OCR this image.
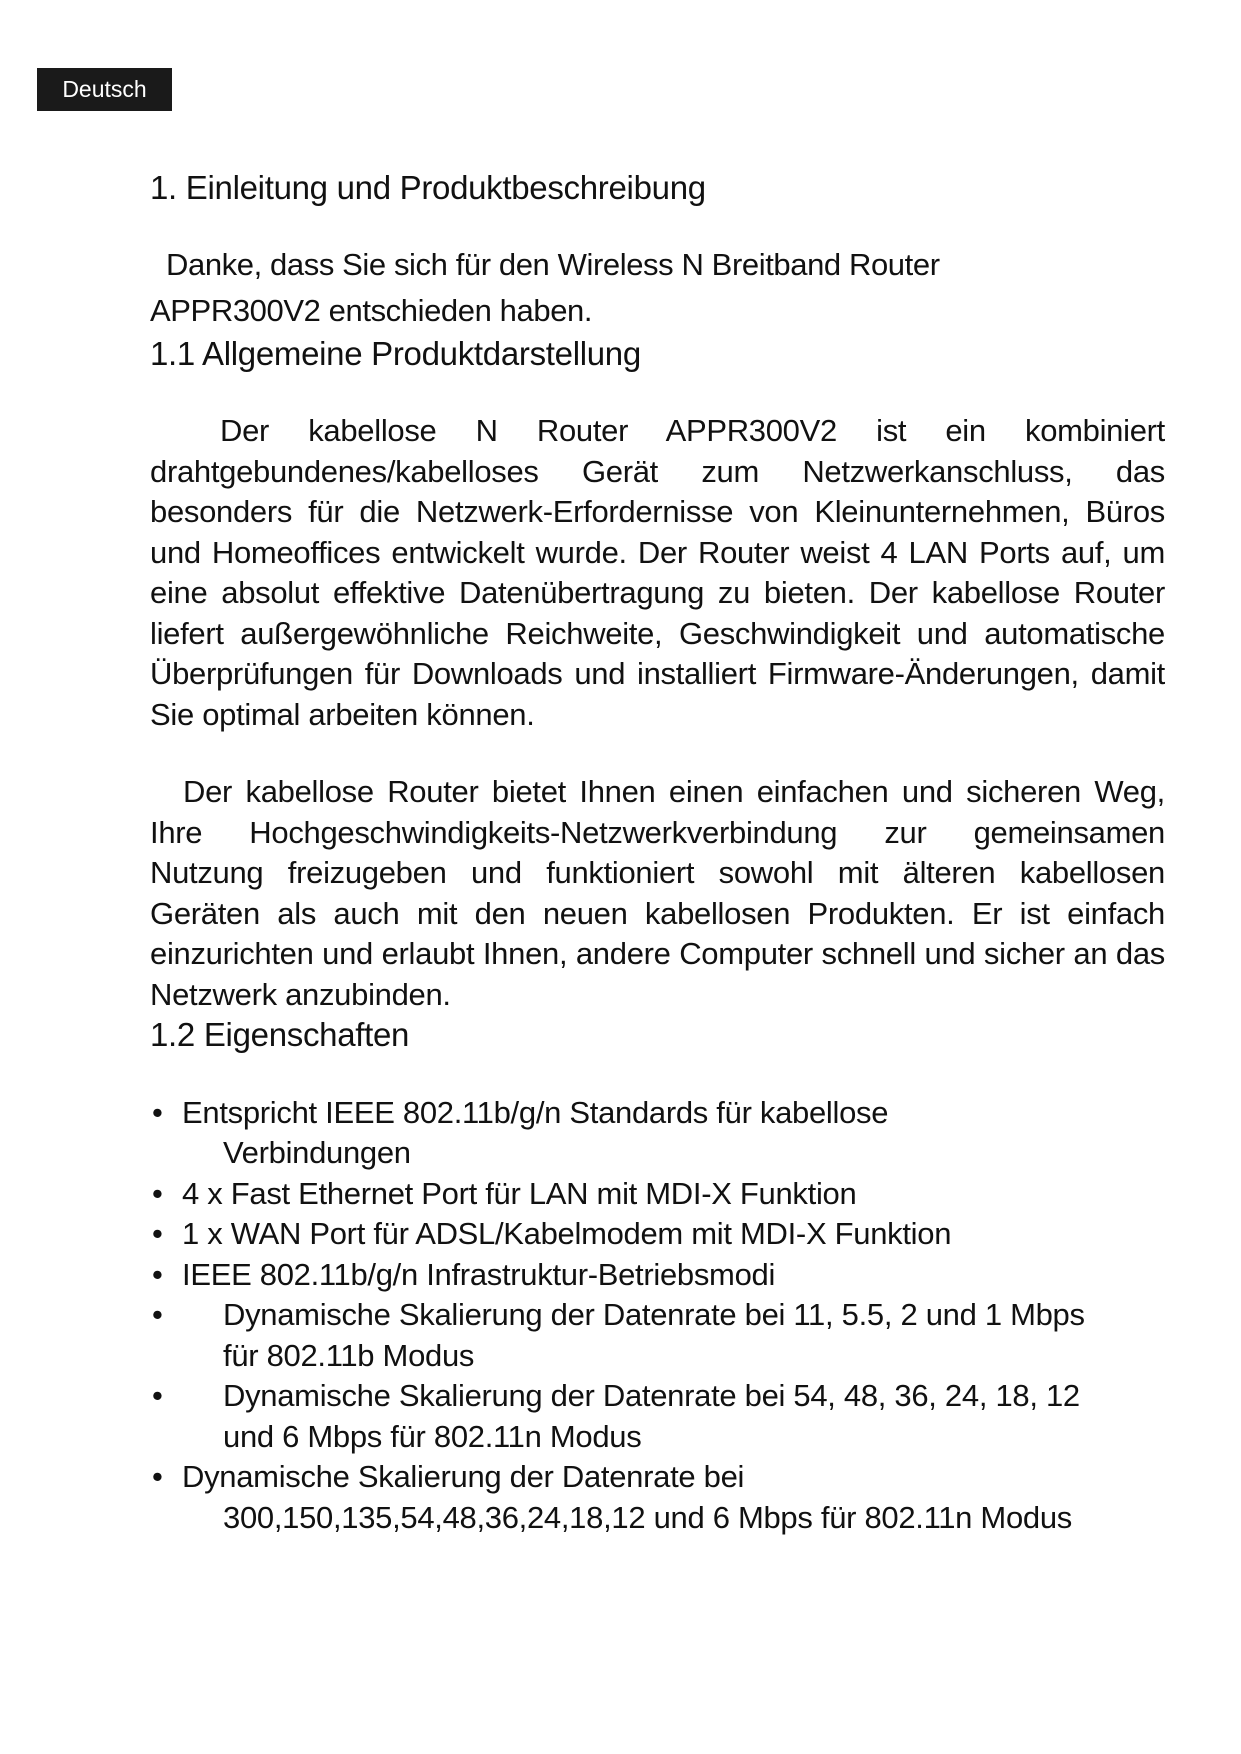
Deutsch
1. Einleitung und Produktbeschreibung

Danke, dass Sie sich für den Wireless N Breitband Router
APPR300V2 entschieden haben.

1.1 Allgemeine Produktdarstellung

Der kabellose N Router APPR300V2 ist ein kombiniert drahtgebundenes/kabelloses Gerät zum Netzwerkanschluss, das besonders für die Netzwerk-Erfordernisse von Kleinunternehmen, Büros und Homeoffices entwickelt wurde. Der Router weist 4 LAN Ports auf, um eine absolut effektive Datenübertragung zu bieten. Der kabellose Router liefert außergewöhnliche Reichweite, Geschwindigkeit und automatische Überprüfungen für Downloads und installiert Firmware-Änderungen, damit Sie optimal arbeiten können.

Der kabellose Router bietet Ihnen einen einfachen und sicheren Weg, Ihre Hochgeschwindigkeits-Netzwerkverbindung zur gemeinsamen Nutzung freizugeben und funktioniert sowohl mit älteren kabellosen Geräten als auch mit den neuen kabellosen Produkten. Er ist einfach einzurichten und erlaubt Ihnen, andere Computer schnell und sicher an das Netzwerk anzubinden.

1.2 Eigenschaften
• Entspricht IEEE 802.11b/g/n Standards für kabellose
Verbindungen
• 4 x Fast Ethernet Port für LAN mit MDI-X Funktion
• 1 x WAN Port für ADSL/Kabelmodem mit MDI-X Funktion
• IEEE 802.11b/g/n Infrastruktur-Betriebsmodi
• Dynamische Skalierung der Datenrate bei 11, 5.5, 2 und 1 Mbps
für 802.11b Modus
• Dynamische Skalierung der Datenrate bei 54, 48, 36, 24, 18, 12
und 6 Mbps für 802.11n Modus
• Dynamische Skalierung der Datenrate bei
300,150,135,54,48,36,24,18,12 und 6 Mbps für 802.11n Modus
